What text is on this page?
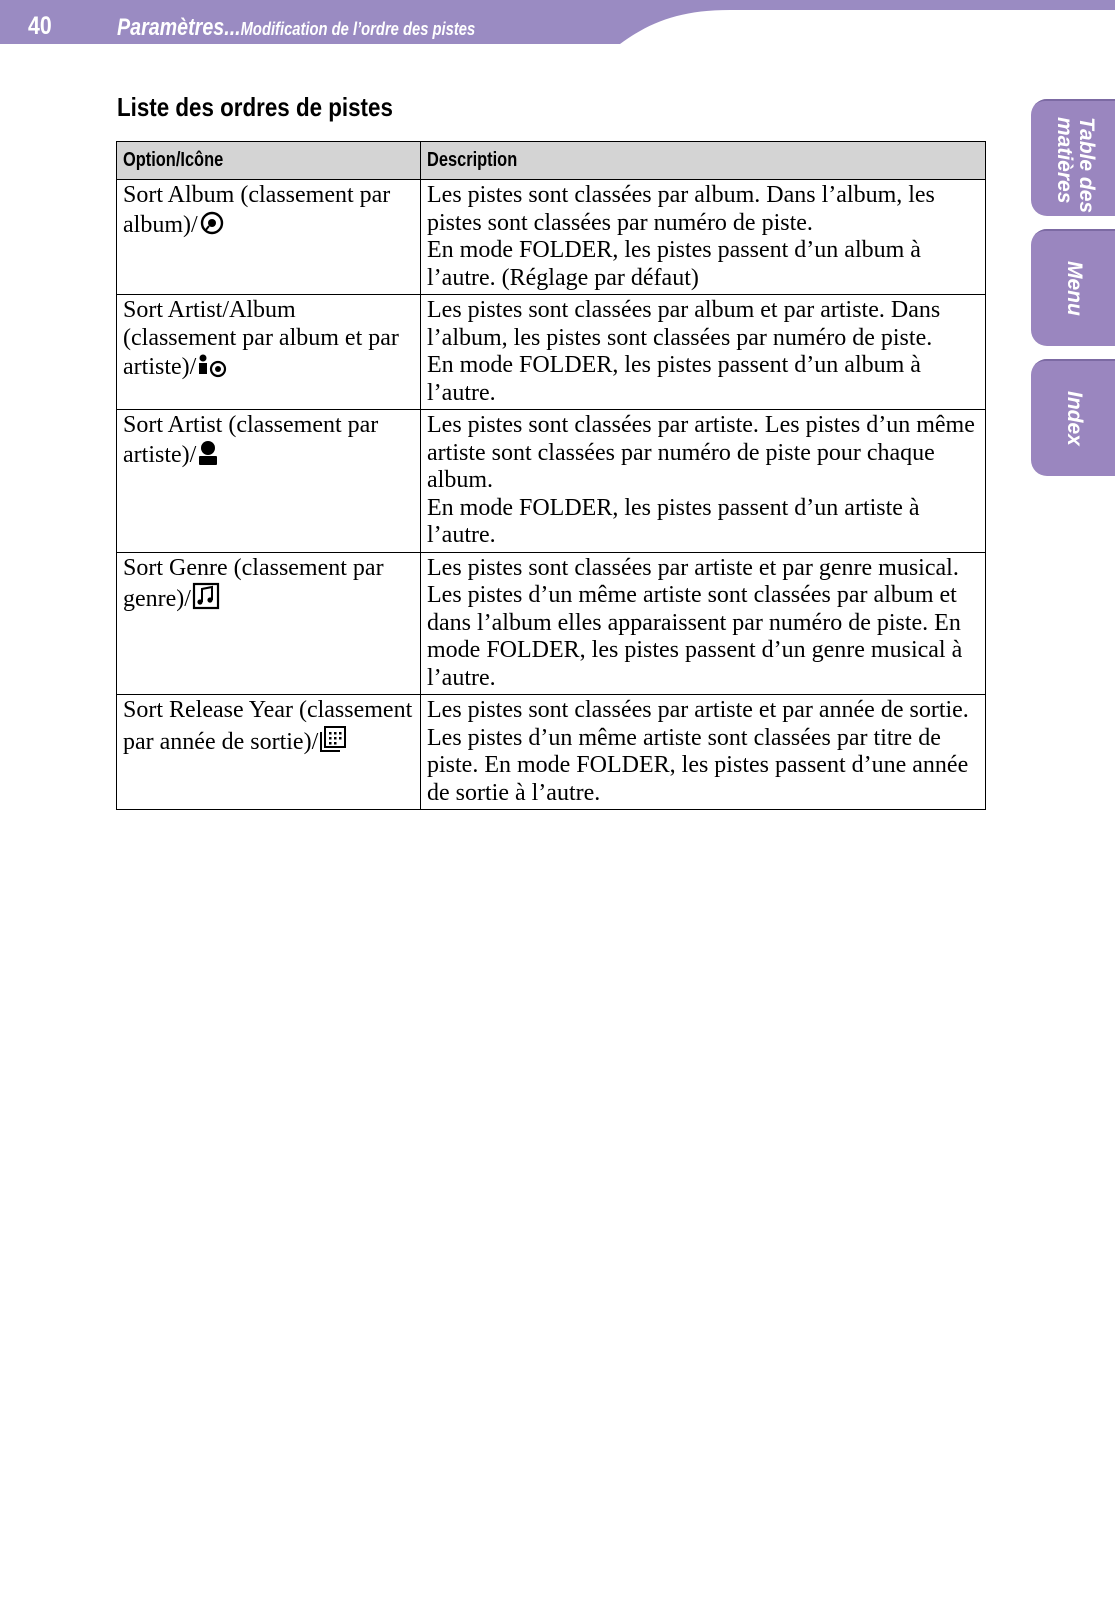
40	Paramètres...Modification de l’ordre des pistes
Liste des ordres de pistes
Option/Icône	Description
Sort Album (classement par album)/	Les pistes sont classées par album. Dans l’album, les pistes sont classées par numéro de piste.
En mode FOLDER, les pistes passent d’un album à l’autre. (Réglage par défaut)

Sort Artist/Album (classement par album et par artiste)/	Les pistes sont classées par album et par artiste. Dans l’album, les pistes sont classées par numéro de piste.
En mode FOLDER, les pistes passent d’un album à l’autre.

Sort Artist (classement par artiste)/	Les pistes sont classées par artiste. Les pistes d’un même artiste sont classées par numéro de piste pour chaque album.
En mode FOLDER, les pistes passent d’un artiste à l’autre.

Sort Genre (classement par genre)/	Les pistes sont classées par artiste et par genre musical. Les pistes d’un même artiste sont classées par album et dans l’album elles apparaissent par numéro de piste. En mode FOLDER, les pistes passent d’un genre musical à l’autre.

Sort Release Year (classement par année de sortie)/	Les pistes sont classées par artiste et par année de sortie. Les pistes d’un même artiste sont classées par titre de piste. En mode FOLDER, les pistes passent d’une année de sortie à l’autre.
Table des
matières
Menu
Index
